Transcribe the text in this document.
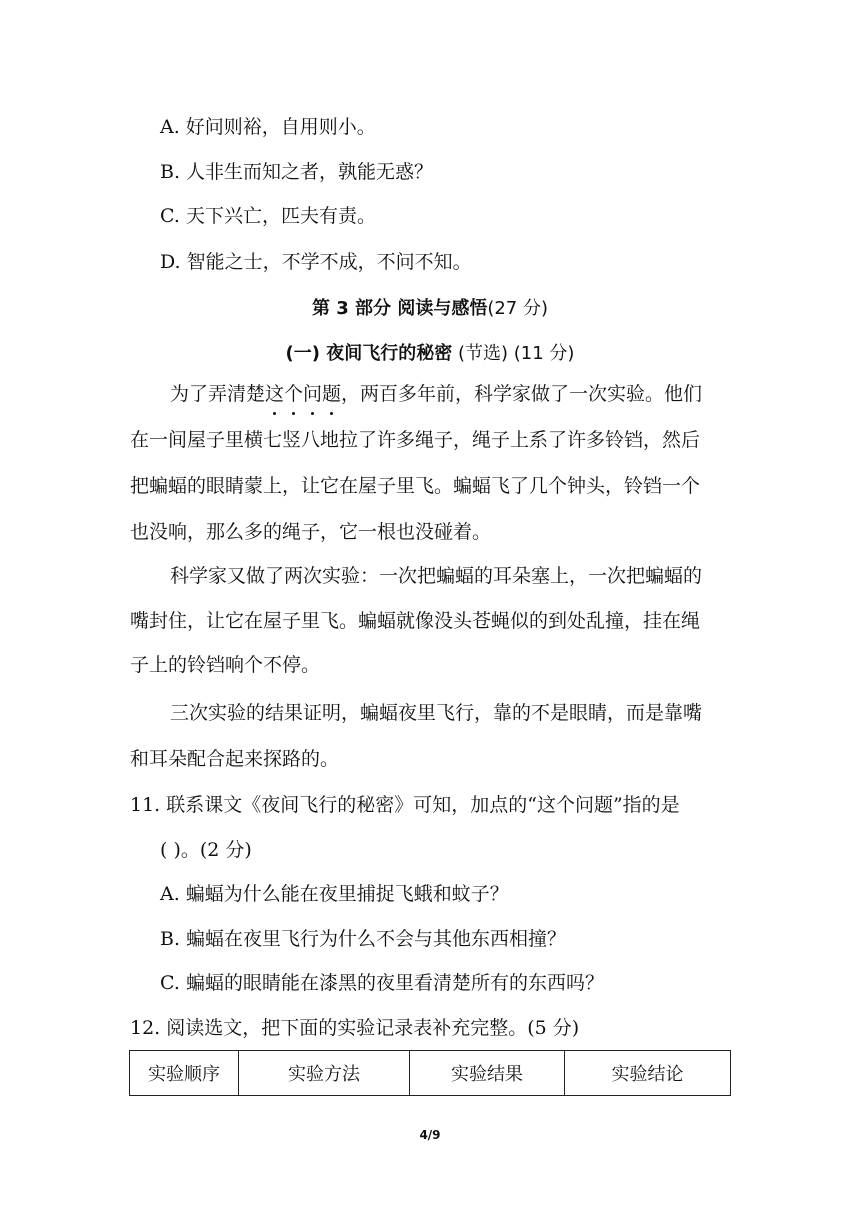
A. 好问则裕，自用则小。
B. 人非生而知之者，孰能无惑？
C. 天下兴亡，匹夫有责。
D. 智能之士，不学不成，不问不知。
第 3 部分 阅读与感悟(27 分)
(一) 夜间飞行的秘密 (节选) (11 分)
为了弄清楚这个问题
，两百多年前，科学家做了一次实验。他们
在一间屋子里横七竖八地拉了许多绳子，绳子上系了许多铃铛，然后
把蝙蝠的眼睛蒙上，让它在屋子里飞。蝙蝠飞了几个钟头，铃铛一个
也没响，那么多的绳子，它一根也没碰着。
科学家又做了两次实验：一次把蝙蝠的耳朵塞上，一次把蝙蝠的
嘴封住，让它在屋子里飞。蝙蝠就像没头苍蝇似的到处乱撞，挂在绳
子上的铃铛响个不停。
三次实验的结果证明，蝙蝠夜里飞行，靠的不是眼睛，而是靠嘴
和耳朵配合起来探路的。
11. 联系课文《夜间飞行的秘密》可知，加点的“这个问题”指的是
( )。(2 分)
A. 蝙蝠为什么能在夜里捕捉飞蛾和蚊子？
B. 蝙蝠在夜里飞行为什么不会与其他东西相撞？
C. 蝙蝠的眼睛能在漆黑的夜里看清楚所有的东西吗？
12. 阅读选文，把下面的实验记录表补充完整。(5 分)
实验顺序	实验方法	实验结果	实验结论
4/9
